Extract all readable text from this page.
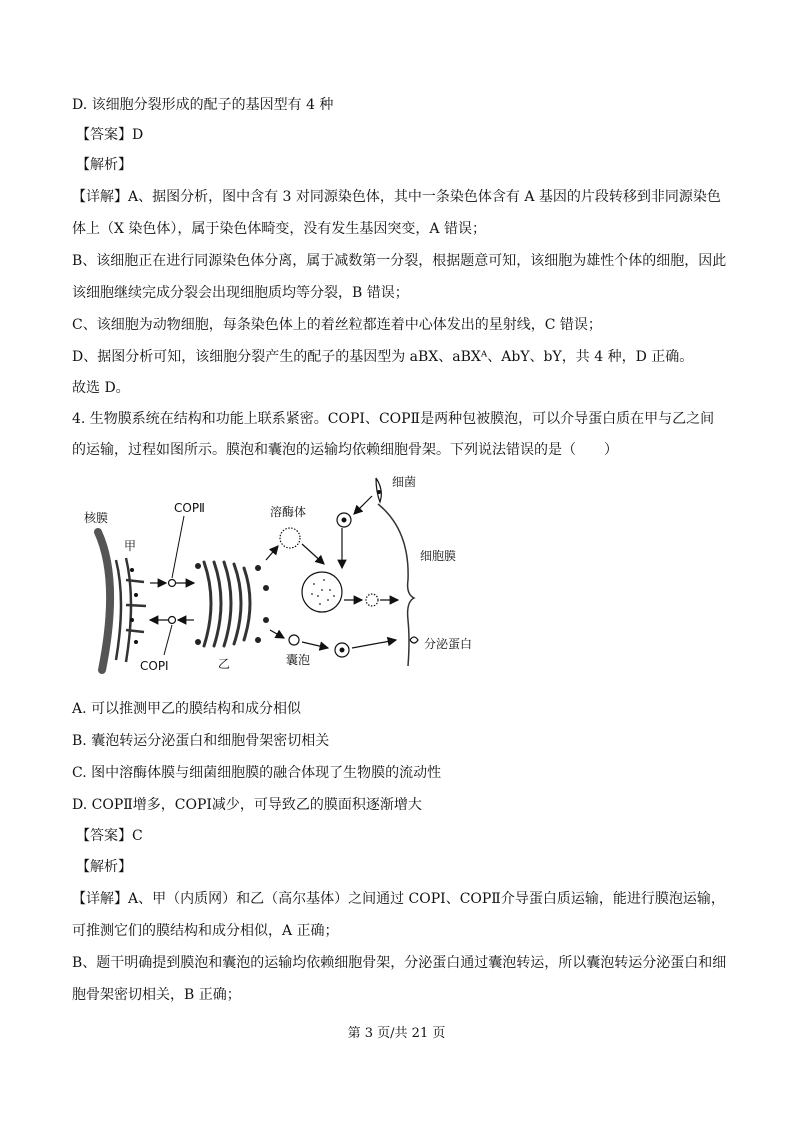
D. 该细胞分裂形成的配子的基因型有 4 种
【答案】D
【解析】
【详解】A、据图分析，图中含有 3 对同源染色体，其中一条染色体含有 A 基因的片段转移到非同源染色
体上（X 染色体），属于染色体畸变，没有发生基因突变，A 错误；
B、该细胞正在进行同源染色体分离，属于减数第一分裂，根据题意可知，该细胞为雄性个体的细胞，因此
该细胞继续完成分裂会出现细胞质均等分裂，B 错误；
C、该细胞为动物细胞，每条染色体上的着丝粒都连着中心体发出的星射线，C 错误；
D、据图分析可知，该细胞分裂产生的配子的基因型为 aBX、aBXᴬ、AbY、bY，共 4 种，D 正确。
故选 D。
4. 生物膜系统在结构和功能上联系紧密。COPⅠ、COPⅡ是两种包被膜泡，可以介导蛋白质在甲与乙之间
的运输，过程如图所示。膜泡和囊泡的运输均依赖细胞骨架。下列说法错误的是（　　）
核膜
甲
COPⅡ
COPⅠ	乙
溶酶体
细菌
细胞膜
囊泡
分泌蛋白
A. 可以推测甲乙的膜结构和成分相似
B. 囊泡转运分泌蛋白和细胞骨架密切相关
C. 图中溶酶体膜与细菌细胞膜的融合体现了生物膜的流动性
D. COPⅡ增多，COPⅠ减少，可导致乙的膜面积逐渐增大
【答案】C
【解析】
【详解】A、甲（内质网）和乙（高尔基体）之间通过 COPⅠ、COPⅡ介导蛋白质运输，能进行膜泡运输，
可推测它们的膜结构和成分相似，A 正确；
B、题干明确提到膜泡和囊泡的运输均依赖细胞骨架，分泌蛋白通过囊泡转运，所以囊泡转运分泌蛋白和细
胞骨架密切相关，B 正确；
第 3 页/共 21 页
